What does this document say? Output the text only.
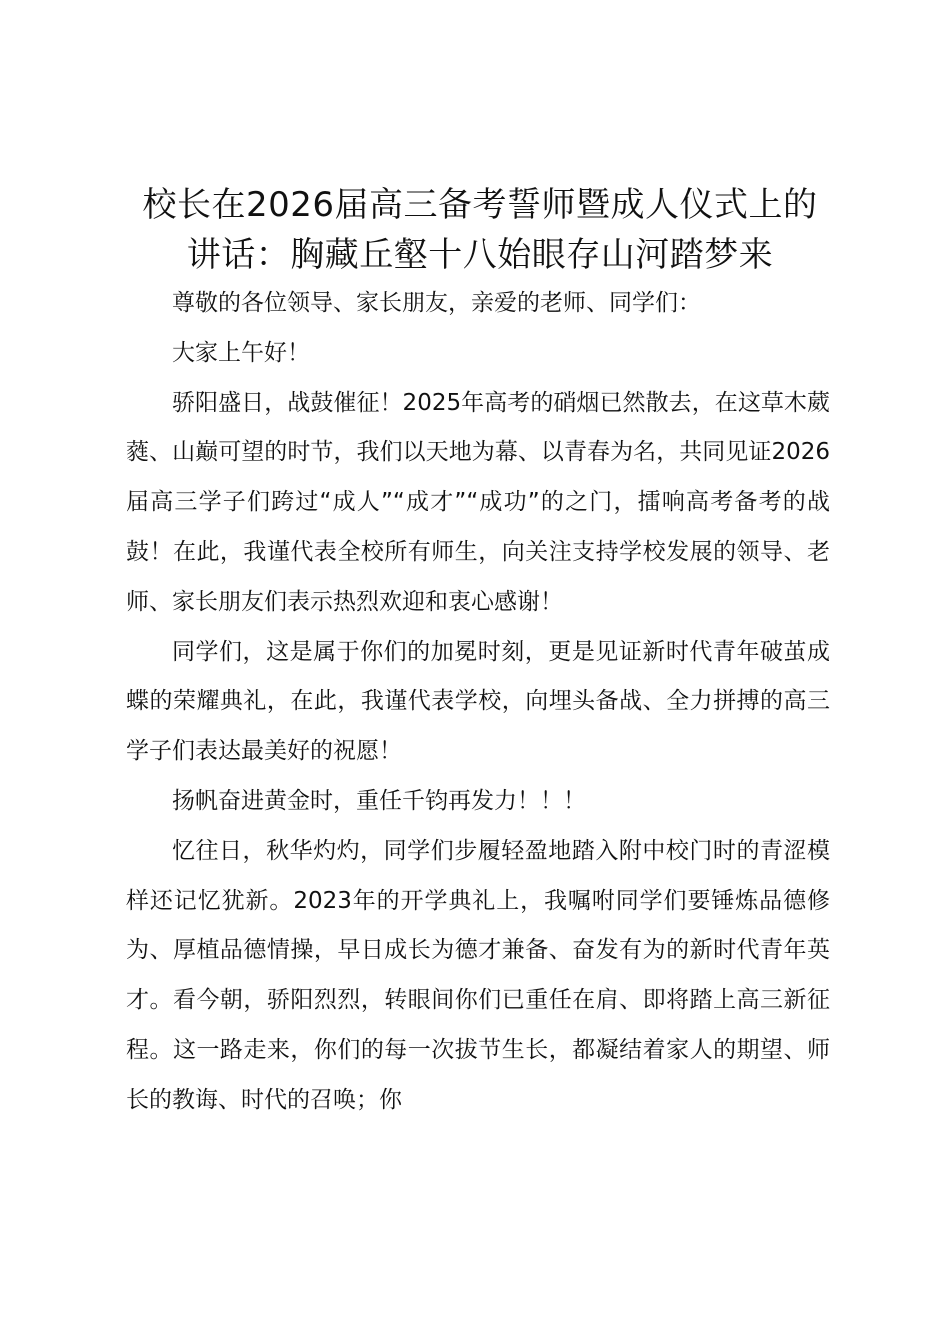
校长在2026届高三备考誓师暨成人仪式上的
讲话：胸藏丘壑十八始眼存山河踏梦来

尊敬的各位领导、家长朋友，亲爱的老师、同学们：

大家上午好！

骄阳盛日，战鼓催征！2025年高考的硝烟已然散去，在这草木葳蕤、山巅可望的时节，我们以天地为幕、以青春为名，共同见证2026届高三学子们跨过“成人”“成才”“成功”的之门，擂响高考备考的战鼓！在此，我谨代表全校所有师生，向关注支持学校发展的领导、老师、家长朋友们表示热烈欢迎和衷心感谢！

同学们，这是属于你们的加冕时刻，更是见证新时代青年破茧成蝶的荣耀典礼，在此，我谨代表学校，向埋头备战、全力拼搏的高三学子们表达最美好的祝愿！

扬帆奋进黄金时，重任千钧再发力！！！

忆往日，秋华灼灼，同学们步履轻盈地踏入附中校门时的青涩模样还记忆犹新。2023年的开学典礼上，我嘱咐同学们要锤炼品德修为、厚植品德情操，早日成长为德才兼备、奋发有为的新时代青年英才。看今朝，骄阳烈烈，转眼间你们已重任在肩、即将踏上高三新征程。这一路走来，你们的每一次拔节生长，都凝结着家人的期望、师长的教诲、时代的召唤；你
